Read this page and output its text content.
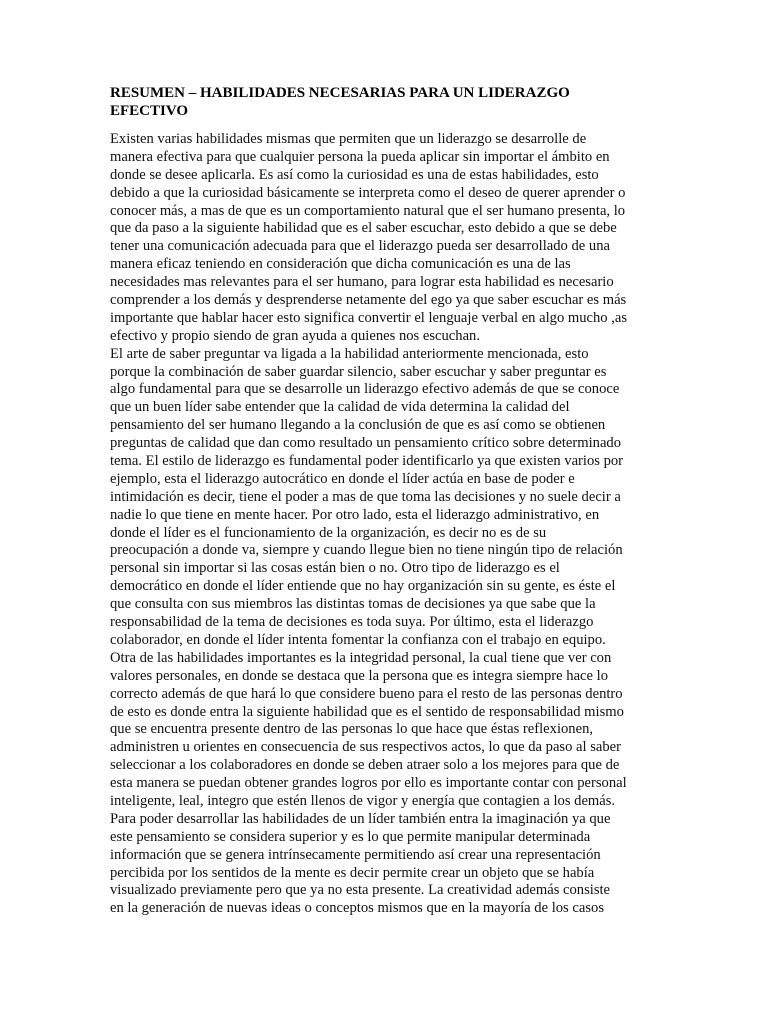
RESUMEN – HABILIDADES NECESARIAS PARA UN LIDERAZGO
EFECTIVO

Existen varias habilidades mismas que permiten que un liderazgo se desarrolle de
manera efectiva para que cualquier persona la pueda aplicar sin importar el ámbito en
donde se desee aplicarla. Es así como la curiosidad es una de estas habilidades, esto
debido a que la curiosidad básicamente se interpreta como el deseo de querer aprender o
conocer más, a mas de que es un comportamiento natural que el ser humano presenta, lo
que da paso a la siguiente habilidad que es el saber escuchar, esto debido a que se debe
tener una comunicación adecuada para que el liderazgo pueda ser desarrollado de una
manera eficaz teniendo en consideración que dicha comunicación es una de las
necesidades mas relevantes para el ser humano, para lograr esta habilidad es necesario
comprender a los demás y desprenderse netamente del ego ya que saber escuchar es más
importante que hablar hacer esto significa convertir el lenguaje verbal en algo mucho ,as
efectivo y propio siendo de gran ayuda a quienes nos escuchan.

El arte de saber preguntar va ligada a la habilidad anteriormente mencionada, esto
porque la combinación de saber guardar silencio, saber escuchar y saber preguntar es
algo fundamental para que se desarrolle un liderazgo efectivo además de que se conoce
que un buen líder sabe entender que la calidad de vida determina la calidad del
pensamiento del ser humano llegando a la conclusión de que es así como se obtienen
preguntas de calidad que dan como resultado un pensamiento crítico sobre determinado
tema. El estilo de liderazgo es fundamental poder identificarlo ya que existen varios por
ejemplo, esta el liderazgo autocrático en donde el líder actúa en base de poder e
intimidación es decir, tiene el poder a mas de que toma las decisiones y no suele decir a
nadie lo que tiene en mente hacer. Por otro lado, esta el liderazgo administrativo, en
donde el líder es el funcionamiento de la organización, es decir no es de su
preocupación a donde va, siempre y cuando llegue bien no tiene ningún tipo de relación
personal sin importar si las cosas están bien o no. Otro tipo de liderazgo es el
democrático en donde el líder entiende que no hay organización sin su gente, es éste el
que consulta con sus miembros las distintas tomas de decisiones ya que sabe que la
responsabilidad de la tema de decisiones es toda suya. Por último, esta el liderazgo
colaborador, en donde el líder intenta fomentar la confianza con el trabajo en equipo.

Otra de las habilidades importantes es la integridad personal, la cual tiene que ver con
valores personales, en donde se destaca que la persona que es integra siempre hace lo
correcto además de que hará lo que considere bueno para el resto de las personas dentro
de esto es donde entra la siguiente habilidad que es el sentido de responsabilidad mismo
que se encuentra presente dentro de las personas lo que hace que éstas reflexionen,
administren u orientes en consecuencia de sus respectivos actos, lo que da paso al saber
seleccionar a los colaboradores en donde se deben atraer solo a los mejores para que de
esta manera se puedan obtener grandes logros por ello es importante contar con personal
inteligente, leal, integro que estén llenos de vigor y energía que contagien a los demás.

Para poder desarrollar las habilidades de un líder también entra la imaginación ya que
este pensamiento se considera superior y es lo que permite manipular determinada
información que se genera intrínsecamente permitiendo así crear una representación
percibida por los sentidos de la mente es decir permite crear un objeto que se había
visualizado previamente pero que ya no esta presente. La creatividad además consiste
en la generación de nuevas ideas o conceptos mismos que en la mayoría de los casos
